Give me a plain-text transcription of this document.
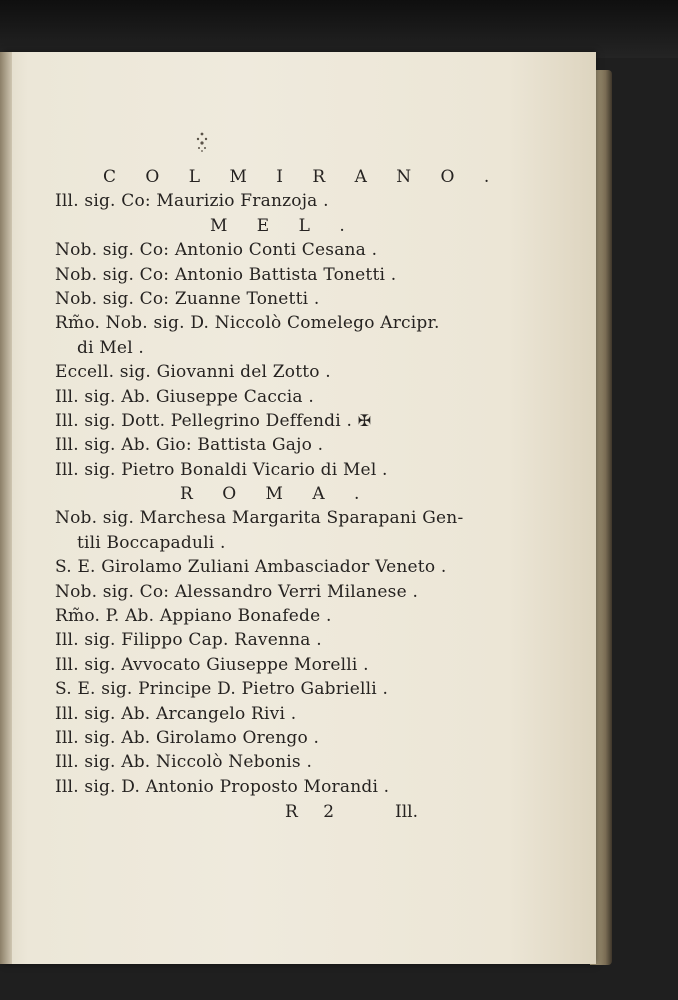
C O L M I R A N O .
Ill. sig. Co: Maurizio Franzoja .
M E L .
Nob. sig. Co: Antonio Conti Cesana .
Nob. sig. Co: Antonio Battista Tonetti .
Nob. sig. Co: Zuanne Tonetti .
Rm̃o. Nob. sig. D. Niccolò Comelego Arcipr.
di Mel .
Eccell. sig. Giovanni del Zotto .
Ill. sig. Ab. Giuseppe Caccia .
Ill. sig. Dott. Pellegrino Deffendi . ✠
Ill. sig. Ab. Gio: Battista Gajo .
Ill. sig. Pietro Bonaldi Vicario di Mel .
R O M A .
Nob. sig. Marchesa Margarita Sparapani Gen-
tili Boccapaduli .
S. E. Girolamo Zuliani Ambasciador Veneto .
Nob. sig. Co: Alessandro Verri Milanese .
Rm̃o. P. Ab. Appiano Bonafede .
Ill. sig. Filippo Cap. Ravenna .
Ill. sig. Avvocato Giuseppe Morelli .
S. E. sig. Principe D. Pietro Gabrielli .
Ill. sig. Ab. Arcangelo Rivi .
Ill. sig. Ab. Girolamo Orengo .
Ill. sig. Ab. Niccolò Nebonis .
Ill. sig. D. Antonio Proposto Morandi .
R 2	Ill.
